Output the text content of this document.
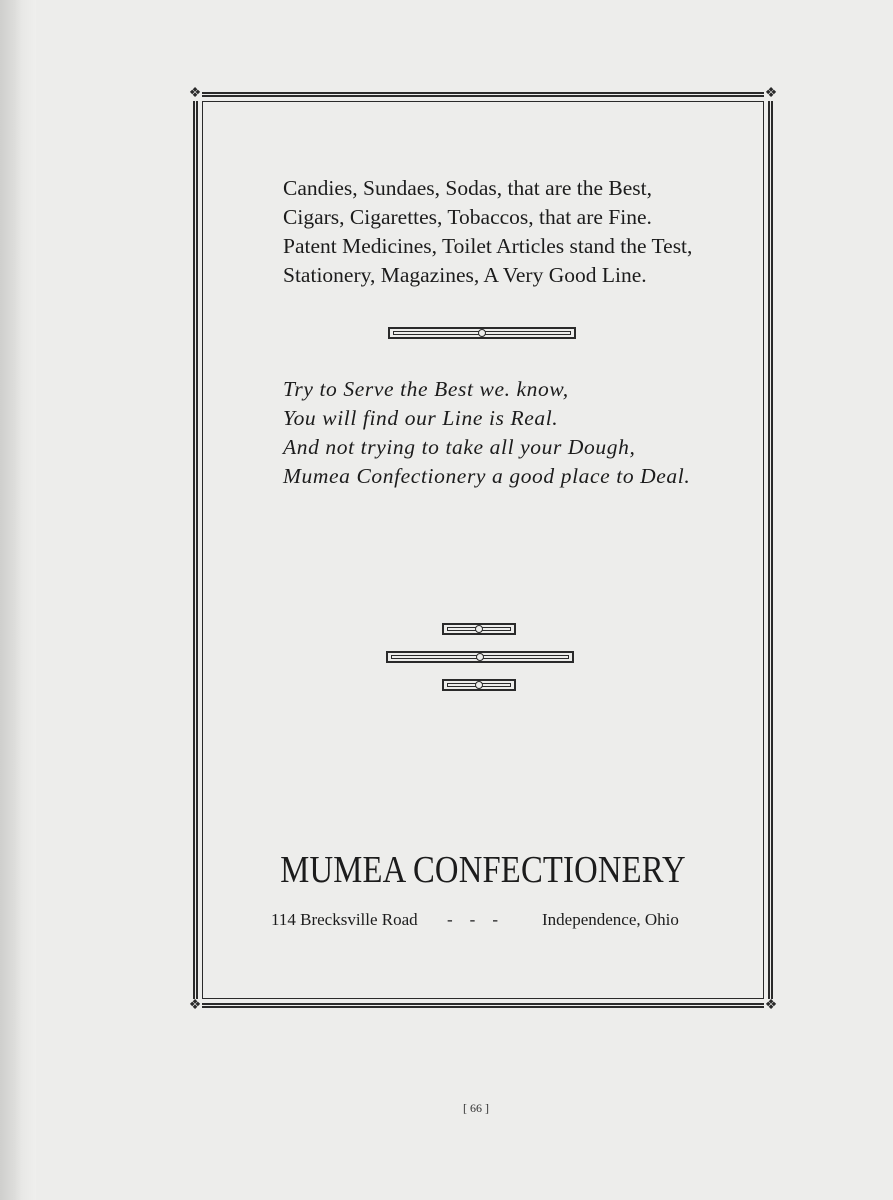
❖	❖
❖	❖
Candies, Sundaes, Sodas, that are the Best,
Cigars, Cigarettes, Tobaccos, that are Fine.
Patent Medicines, Toilet Articles stand the Test,
Stationery, Magazines, A Very Good Line.
Try to Serve the Best we. know,
You will find our Line is Real.
And not trying to take all your Dough,
Mumea Confectionery a good place to Deal.
MUMEA CONFECTIONERY
114 Brecksville Road -    -    -	Independence, Ohio
[ 66 ]
